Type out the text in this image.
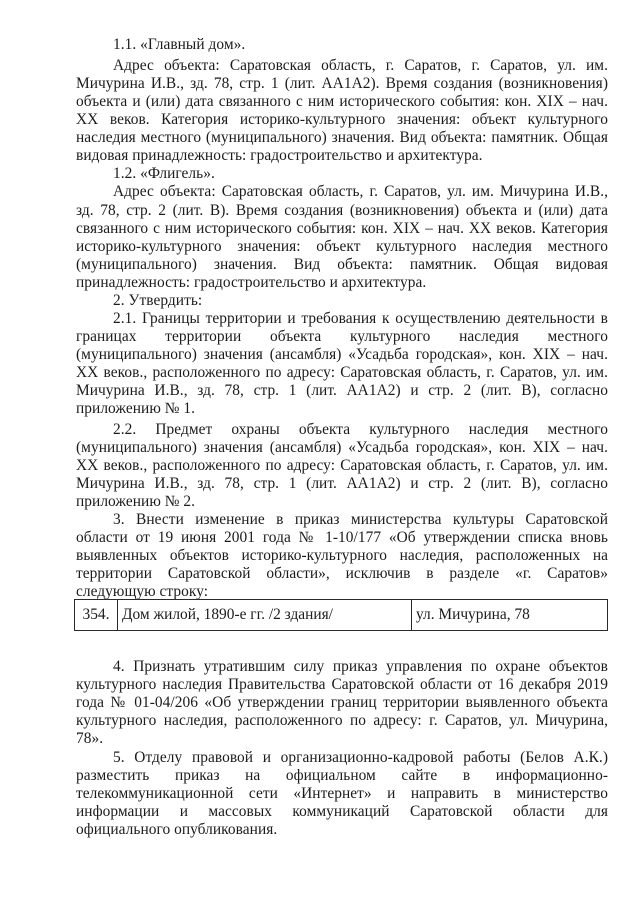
1.1. «Главный дом».
Адрес объекта: Саратовская область, г. Саратов, г. Саратов, ул. им.
Мичурина И.В., зд. 78, стр. 1 (лит. АА1А2). Время создания (возникновения)
объекта и (или) дата связанного с ним исторического события: кон. XIX – нач.
XX веков. Категория историко-культурного значения: объект культурного
наследия местного (муниципального) значения. Вид объекта: памятник. Общая
видовая принадлежность: градостроительство и архитектура.
1.2. «Флигель».
Адрес объекта: Саратовская область, г. Саратов, ул. им. Мичурина И.В.,
зд. 78, стр. 2 (лит. В). Время создания (возникновения) объекта и (или) дата
связанного с ним исторического события: кон. XIX – нач. XX веков. Категория
историко-культурного значения: объект культурного наследия местного
(муниципального) значения. Вид объекта: памятник. Общая видовая
принадлежность: градостроительство и архитектура.
2. Утвердить:
2.1. Границы территории и требования к осуществлению деятельности в
границах территории объекта культурного наследия местного
(муниципального) значения (ансамбля) «Усадьба городская», кон. XIX – нач.
XX веков., расположенного по адресу: Саратовская область, г. Саратов, ул. им.
Мичурина И.В., зд. 78, стр. 1 (лит. АА1А2) и стр. 2 (лит. В), согласно
приложению № 1.
2.2. Предмет охраны объекта культурного наследия местного
(муниципального) значения (ансамбля) «Усадьба городская», кон. XIX – нач.
XX веков., расположенного по адресу: Саратовская область, г. Саратов, ул. им.
Мичурина И.В., зд. 78, стр. 1 (лит. АА1А2) и стр. 2 (лит. В), согласно
приложению № 2.
3. Внести изменение в приказ министерства культуры Саратовской
области от 19 июня 2001 года № 1-10/177 «Об утверждении списка вновь
выявленных объектов историко-культурного наследия, расположенных на
территории Саратовской области», исключив в разделе «г. Саратов»
следующую строку:
354.	Дом жилой, 1890-е гг. /2 здания/	ул. Мичурина, 78
4. Признать утратившим силу приказ управления по охране объектов
культурного наследия Правительства Саратовской области от 16 декабря 2019
года № 01-04/206 «Об утверждении границ территории выявленного объекта
культурного наследия, расположенного по адресу: г. Саратов, ул. Мичурина,
78».
5. Отделу правовой и организационно-кадровой работы (Белов А.К.)
разместить приказ на официальном сайте в информационно-
телекоммуникационной сети «Интернет» и направить в министерство
информации и массовых коммуникаций Саратовской области для
официального опубликования.
